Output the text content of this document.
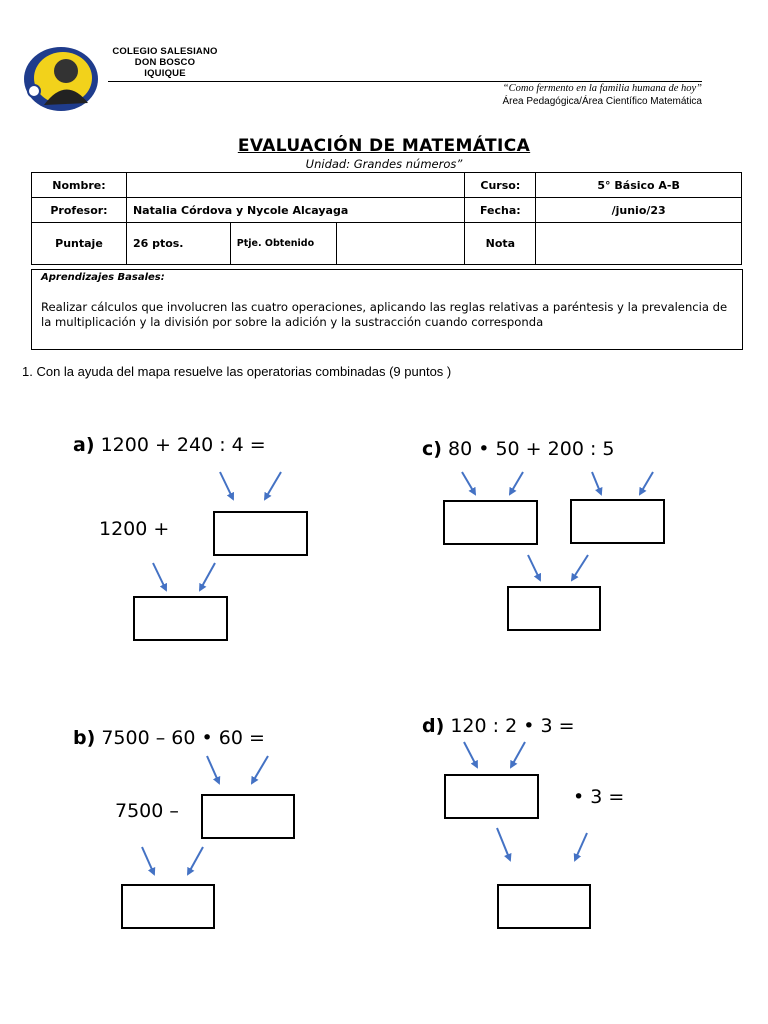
COLEGIO SALESIANO
DON BOSCO
IQUIQUE
“Como fermento en la familia humana de hoy”
Área Pedagógica/Área Científico Matemática
EVALUACIÓN DE MATEMÁTICA
Unidad: Grandes números”
Nombre:				Curso:	5° Básico A-B
Profesor:	Natalia Córdova y Nycole Alcayaga			Fecha:	/junio/23
Puntaje	26 ptos.	Ptje. Obtenido		Nota	
Aprendizajes Basales:
Realizar cálculos que involucren las cuatro operaciones, aplicando las reglas relativas a paréntesis y la prevalencia de la multiplicación y la división por sobre la adición y la sustracción cuando corresponda
1. Con la ayuda del mapa resuelve las operatorias combinadas (9 puntos )
a) 1200 + 240 : 4 =
1200 +
c) 80 • 50 + 200 : 5
b) 7500 – 60 • 60 =
7500 –
d) 120 : 2 • 3 =
• 3 =
